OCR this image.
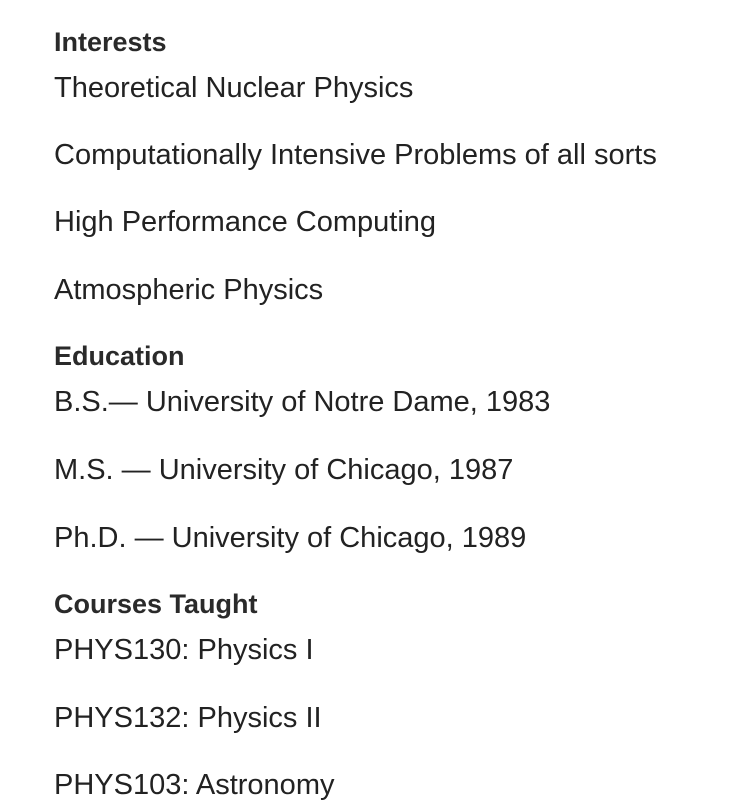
Interests
Theoretical Nuclear Physics
Computationally Intensive Problems of all sorts
High Performance Computing
Atmospheric Physics
Education
B.S.— University of Notre Dame, 1983
M.S. — University of Chicago, 1987
Ph.D. — University of Chicago, 1989
Courses Taught
PHYS130: Physics I
PHYS132: Physics II
PHYS103: Astronomy
